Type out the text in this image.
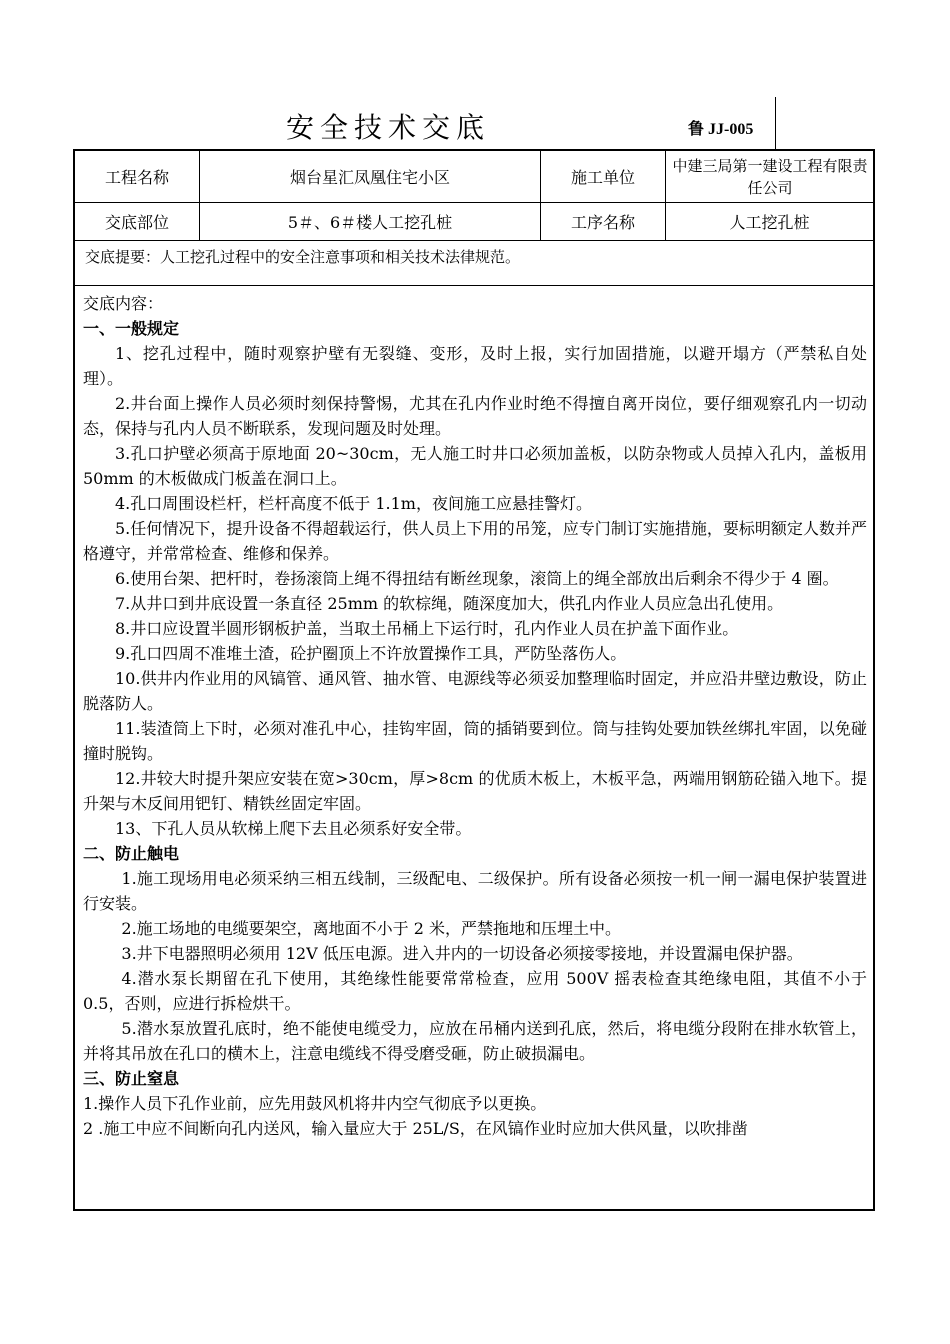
安全技术交底	鲁 JJ-005
工程名称	烟台星汇凤凰住宅小区	施工单位
中建三局第一建设工程有限责任公司
交底部位	5＃、6＃楼人工挖孔桩	工序名称	人工挖孔桩
交底提要：人工挖孔过程中的安全注意事项和相关技术法律规范。

交底内容：

一、一般规定

1、挖孔过程中，随时观察护壁有无裂缝、变形，及时上报，实行加固措施，以避开塌方（严禁私自处理）。

2.井台面上操作人员必须时刻保持警惕，尤其在孔内作业时绝不得擅自离开岗位，要仔细观察孔内一切动态，保持与孔内人员不断联系，发现问题及时处理。

3.孔口护壁必须高于原地面 20~30cm，无人施工时井口必须加盖板，以防杂物或人员掉入孔内，盖板用 50mm 的木板做成门板盖在洞口上。

4.孔口周围设栏杆，栏杆高度不低于 1.1m，夜间施工应悬挂警灯。

5.任何情况下，提升设备不得超载运行，供人员上下用的吊笼，应专门制订实施措施，要标明额定人数并严格遵守，并常常检查、维修和保养。

6.使用台架、把杆时，卷扬滚筒上绳不得扭结有断丝现象，滚筒上的绳全部放出后剩余不得少于 4 圈。

7.从井口到井底设置一条直径 25mm 的软棕绳，随深度加大，供孔内作业人员应急出孔使用。

8.井口应设置半圆形钢板护盖，当取土吊桶上下运行时，孔内作业人员在护盖下面作业。

9.孔口四周不准堆土渣，砼护圈顶上不许放置操作工具，严防坠落伤人。

10.供井内作业用的风镐管、通风管、抽水管、电源线等必须妥加整理临时固定，并应沿井壁边敷设，防止脱落防人。

11.装渣筒上下时，必须对准孔中心，挂钩牢固，筒的插销要到位。筒与挂钩处要加铁丝绑扎牢固，以免碰撞时脱钩。

12.井较大时提升架应安装在宽>30cm，厚>8cm 的优质木板上，木板平急，两端用钢筋砼锚入地下。提升架与木反间用钯钉、精铁丝固定牢固。

13、下孔人员从软梯上爬下去且必须系好安全带。

二、防止触电

1.施工现场用电必须采纳三相五线制，三级配电、二级保护。所有设备必须按一机一闸一漏电保护装置进行安装。

2.施工场地的电缆要架空，离地面不小于 2 米，严禁拖地和压埋土中。

3.井下电器照明必须用 12V 低压电源。进入井内的一切设备必须接零接地，并设置漏电保护器。

4.潜水泵长期留在孔下使用，其绝缘性能要常常检查，应用 500V 摇表检查其绝缘电阻，其值不小于 0.5，否则，应进行拆检烘干。

5.潜水泵放置孔底时，绝不能使电缆受力，应放在吊桶内送到孔底，然后，将电缆分段附在排水软管上，并将其吊放在孔口的横木上，注意电缆线不得受磨受砸，防止破损漏电。

三、防止窒息

1.操作人员下孔作业前，应先用鼓风机将井内空气彻底予以更换。

2 .施工中应不间断向孔内送风，输入量应大于 25L/S，在风镐作业时应加大供风量，以吹排凿
